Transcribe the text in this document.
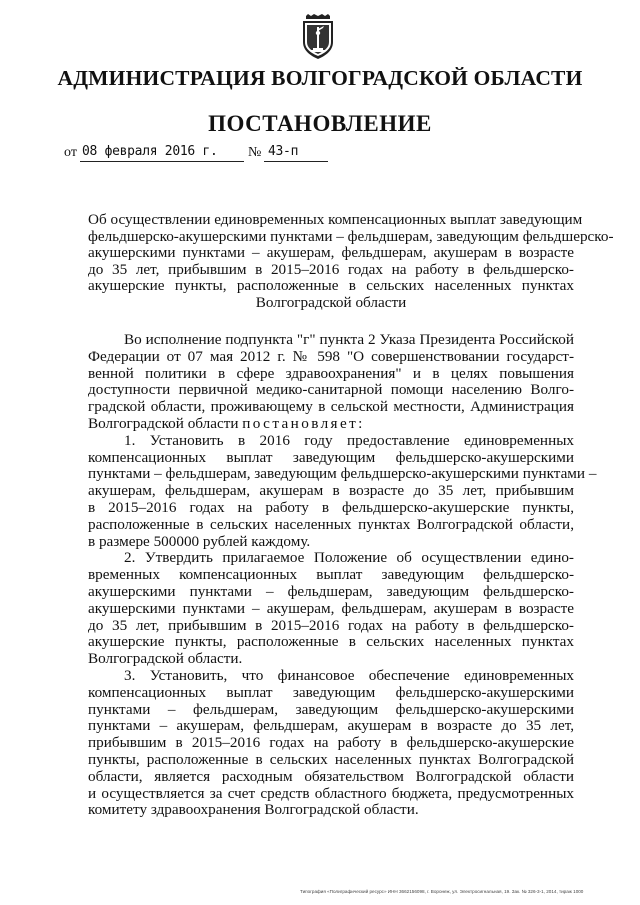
АДМИНИСТРАЦИЯ ВОЛГОГРАДСКОЙ ОБЛАСТИ
ПОСТАНОВЛЕНИЕ
от 08 февраля 2016 г. № 43-п
Об осуществлении единовременных компенсационных выплат заведующим
фельдшерско-акушерскими пунктами – фельдшерам, заведующим фельдшерско-
акушерскими пунктами – акушерам, фельдшерам, акушерам в возрасте
до 35 лет, прибывшим в 2015–2016 годах на работу в фельдшерско-
акушерские пункты, расположенные в сельских населенных пунктах
Волгоградской области
Во исполнение подпункта "г" пункта 2 Указа Президента Российской
Федерации от 07 мая 2012 г. № 598 "О совершенствовании государст-
венной политики в сфере здравоохранения" и в целях повышения
доступности первичной медико-санитарной помощи населению Волго-
градской области, проживающему в сельской местности, Администрация
Волгоградской области постановляет:
1. Установить в 2016 году предоставление единовременных
компенсационных выплат заведующим фельдшерско-акушерскими
пунктами – фельдшерам, заведующим фельдшерско-акушерскими пунктами –
акушерам, фельдшерам, акушерам в возрасте до 35 лет, прибывшим
в 2015–2016 годах на работу в фельдшерско-акушерские пункты,
расположенные в сельских населенных пунктах Волгоградской области,
в размере 500000 рублей каждому.
2. Утвердить прилагаемое Положение об осуществлении едино-
временных компенсационных выплат заведующим фельдшерско-
акушерскими пунктами – фельдшерам, заведующим фельдшерско-
акушерскими пунктами – акушерам, фельдшерам, акушерам в возрасте
до 35 лет, прибывшим в 2015–2016 годах на работу в фельдшерско-
акушерские пункты, расположенные в сельских населенных пунктах
Волгоградской области.
3. Установить, что финансовое обеспечение единовременных
компенсационных выплат заведующим фельдшерско-акушерскими
пунктами – фельдшерам, заведующим фельдшерско-акушерскими
пунктами – акушерам, фельдшерам, акушерам в возрасте до 35 лет,
прибывшим в 2015–2016 годах на работу в фельдшерско-акушерские
пункты, расположенные в сельских населенных пунктах Волгоградской
области, является расходным обязательством Волгоградской области
и осуществляется за счет средств областного бюджета, предусмотренных
комитету здравоохранения Волгоградской области.
Типография «Полиграфический ресурс» ИНН 3662156098, г. Воронеж, ул. Электросигнальная, 19. Зак. № 326-3-1, 2014, тираж 1000
